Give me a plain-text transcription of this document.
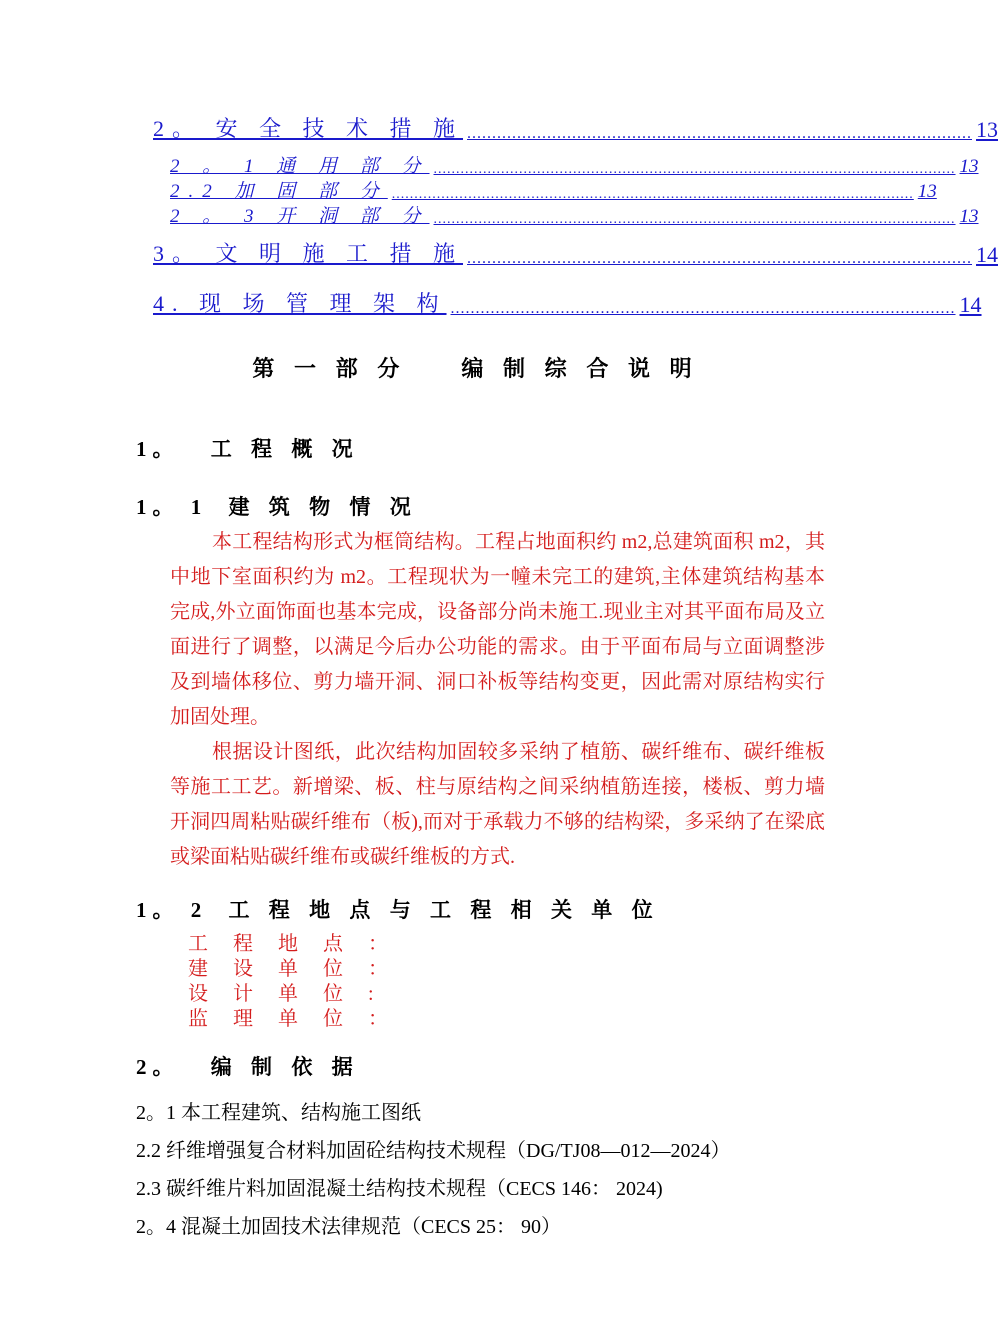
2。 安 全 技 术 措 施 ..................................................................................................... 13
2 。 1 通 用 部 分 .................................................................................................................... 13
2.2 加 固 部 分 .................................................................................................................... 13
2 。 3 开 洞 部 分 .................................................................................................................... 13
3。 文 明 施 工 措 施 ..................................................................................................... 14
4. 现 场 管 理 架 构 ..................................................................................................... 14
第 一 部 分　　编 制 综 合 说 明
1。 工 程 概 况
1。 1 建 筑 物 情 况

本工程结构形式为框筒结构。工程占地面积约 m2,总建筑面积 m2，其中地下室面积约为 m2。工程现状为一幢未完工的建筑,主体建筑结构基本完成,外立面饰面也基本完成，设备部分尚未施工.现业主对其平面布局及立面进行了调整，以满足今后办公功能的需求。由于平面布局与立面调整涉及到墙体移位、剪力墙开洞、洞口补板等结构变更，因此需对原结构实行加固处理。

根据设计图纸，此次结构加固较多采纳了植筋、碳纤维布、碳纤维板等施工工艺。新增梁、板、柱与原结构之间采纳植筋连接，楼板、剪力墙开洞四周粘贴碳纤维布（板),而对于承载力不够的结构梁，多采纳了在梁底或梁面粘贴碳纤维布或碳纤维板的方式.

1。 2 工 程 地 点 与 工 程 相 关 单 位
工 程 地 点 ：
建 设 单 位 ：
设 计 单 位 :
监 理 单 位 ：
2。 编 制 依 据
2。1 本工程建筑、结构施工图纸
2.2 纤维增强复合材料加固砼结构技术规程（DG/TJ08—012—2024）
2.3 碳纤维片料加固混凝土结构技术规程（CECS 146： 2024)
2。4 混凝土加固技术法律规范（CECS 25： 90）
